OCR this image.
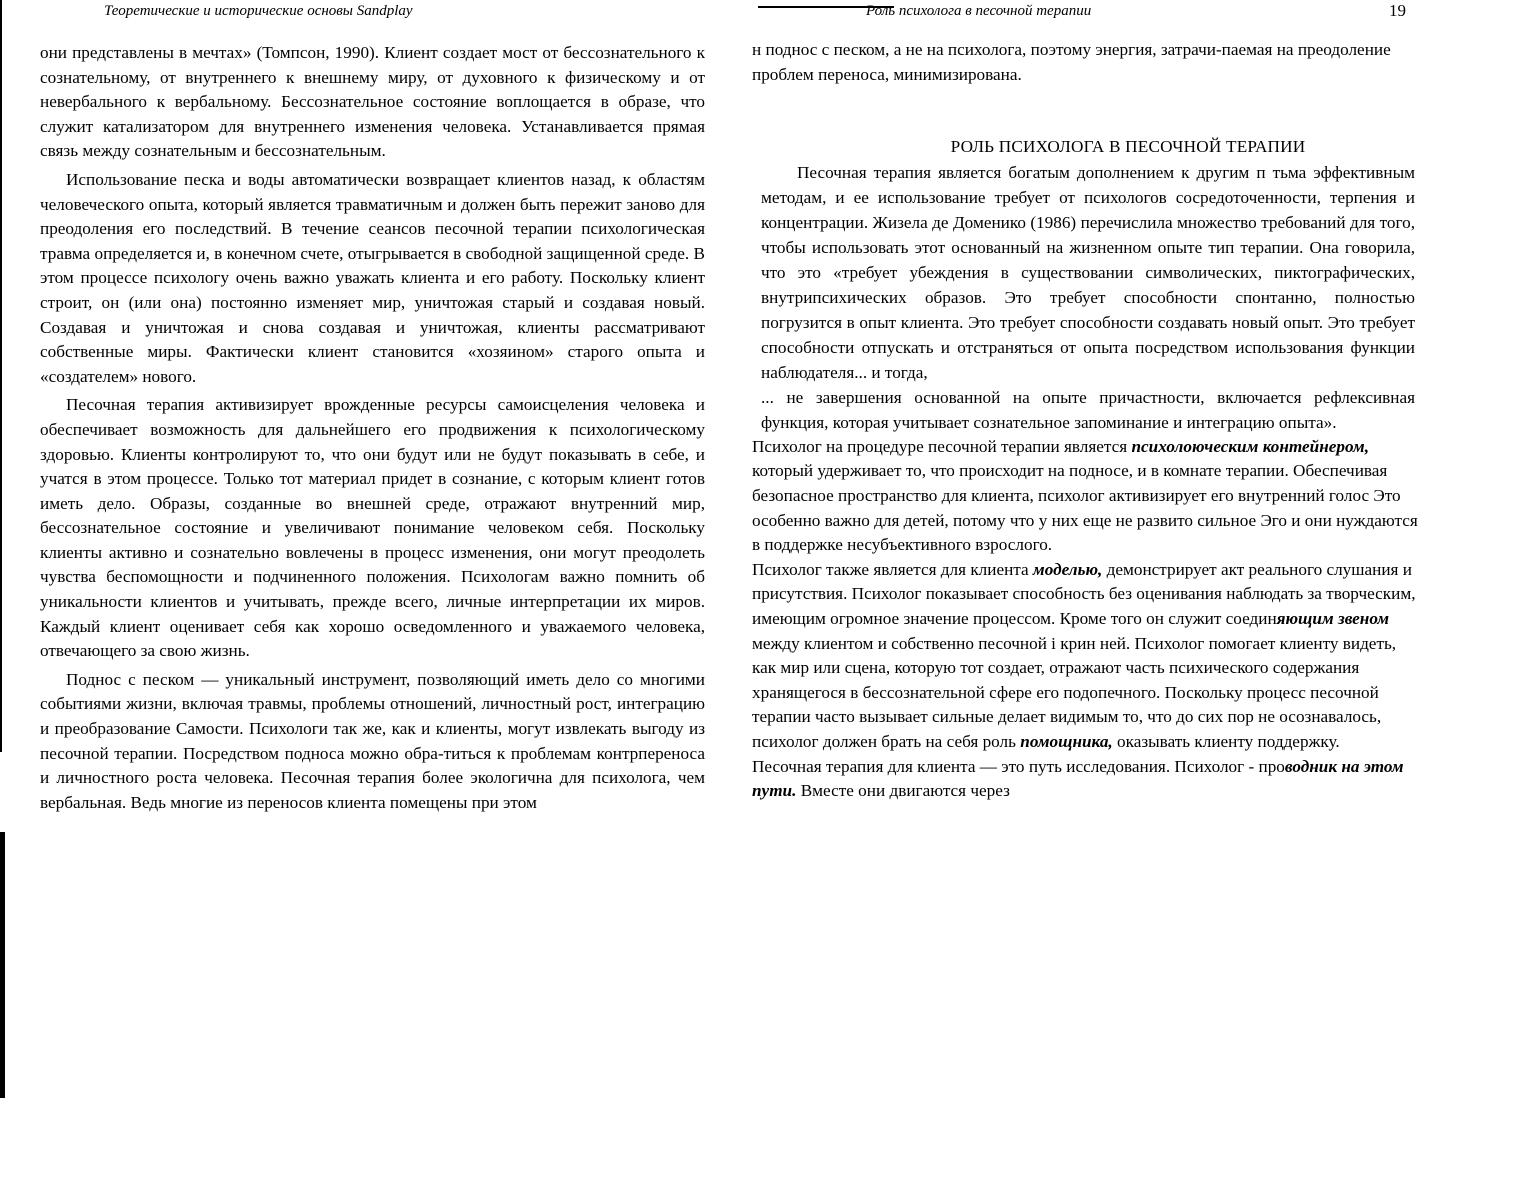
Теоретические и исторические основы Sandplay	Роль психолога в песочной терапии	19

они представлены в мечтах» (Томпсон, 1990). Клиент создает мост от бессознательного к сознательному, от внутреннего к внешнему миру, от духовного к физическому и от невербального к вербальному. Бессознательное состояние воплощается в образе, что служит катализатором для внутреннего изменения человека. Устанавливается прямая связь между сознательным и бессознательным.

Использование песка и воды автоматически возвращает клиентов назад, к областям человеческого опыта, который является травматичным и должен быть пережит заново для преодоления его последствий. В течение сеансов песочной терапии психологическая травма определяется и, в конечном счете, отыгрывается в свободной защищенной среде. В этом процессе психологу очень важно уважать клиента и его работу. Поскольку клиент строит, он (или она) постоянно изменяет мир, уничтожая старый и создавая новый. Создавая и уничтожая и снова создавая и уничтожая, клиенты рассматривают собственные миры. Фактически клиент становится «хозяином» старого опыта и «создателем» нового.

Песочная терапия активизирует врожденные ресурсы самоисцеления человека и обеспечивает возможность для дальнейшего его продвижения к психологическому здоровью. Клиенты контролируют то, что они будут или не будут показывать в себе, и учатся в этом процессе. Только тот материал придет в сознание, с которым клиент готов иметь дело. Образы, созданные во внешней среде, отражают внутренний мир, бессознательное состояние и увеличивают понимание человеком себя. Поскольку клиенты активно и сознательно вовлечены в процесс изменения, они могут преодолеть чувства беспомощности и подчиненного положения. Психологам важно помнить об уникальности клиентов и учитывать, прежде всего, личные интерпретации их миров. Каждый клиент оценивает себя как хорошо осведомленного и уважаемого человека, отвечающего за свою жизнь.

Поднос с песком — уникальный инструмент, позволяющий иметь дело со многими событиями жизни, включая травмы, проблемы отношений, личностный рост, интеграцию и преобразование Самости. Психологи так же, как и клиенты, могут извлекать выгоду из песочной терапии. Посредством подноса можно обра-титься к проблемам контрпереноса и личностного роста человека. Песочная терапия более экологична для психолога, чем вербальная. Ведь многие из переносов клиента помещены при этом

н поднос с песком, а не на психолога, поэтому энергия, затрачи-паемая на преодоление проблем переноса, минимизирована.

РОЛЬ ПСИХОЛОГА В ПЕСОЧНОЙ ТЕРАПИИ

Песочная терапия является богатым дополнением к другим п тьма эффективным методам, и ее использование требует от психологов сосредоточенности, терпения и концентрации. Жизела де Доменико (1986) перечислила множество требований для того, чтобы использовать этот основанный на жизненном опыте тип терапии. Она говорила, что это «требует убеждения в существовании символических, пиктографических, внутрипсихических образов. Это требует способности спонтанно, полностью погрузится в опыт клиента. Это требует способности создавать новый опыт. Это требует способности отпускать и отстраняться от опыта посредством использования функции наблюдателя... и тогда,

... не завершения основанной на опыте причастности, включается рефлексивная функция, которая учитывает сознательное запоминание и интеграцию опыта».

Психолог на процедуре песочной терапии является психолоюческим контейнером, который удерживает то, что происходит на подносе, и в комнате терапии. Обеспечивая безопасное пространство для клиента, психолог активизирует его внутренний голос Это особенно важно для детей, потому что у них еще не развито сильное Эго и они нуждаются в поддержке несубъективного взрослого.

Психолог также является для клиента моделью, демонстрирует акт реального слушания и присутствия. Психолог показывает способность без оценивания наблюдать за творческим, имеющим огромное значение процессом. Кроме того он служит соединяющим звеном между клиентом и собственно песочной і крин ней. Психолог помогает клиенту видеть, как мир или сцена, которую тот создает, отражают часть психического содержания хранящегося в бессознательной сфере его подопечного. Поскольку процесс песочной терапии часто вызывает сильные делает видимым то, что до сих пор не осознавалось, психолог должен брать на себя роль помощника, оказывать клиенту поддержку.

Песочная терапия для клиента — это путь исследования. Психолог - проводник на этом пути. Вместе они двигаются через
